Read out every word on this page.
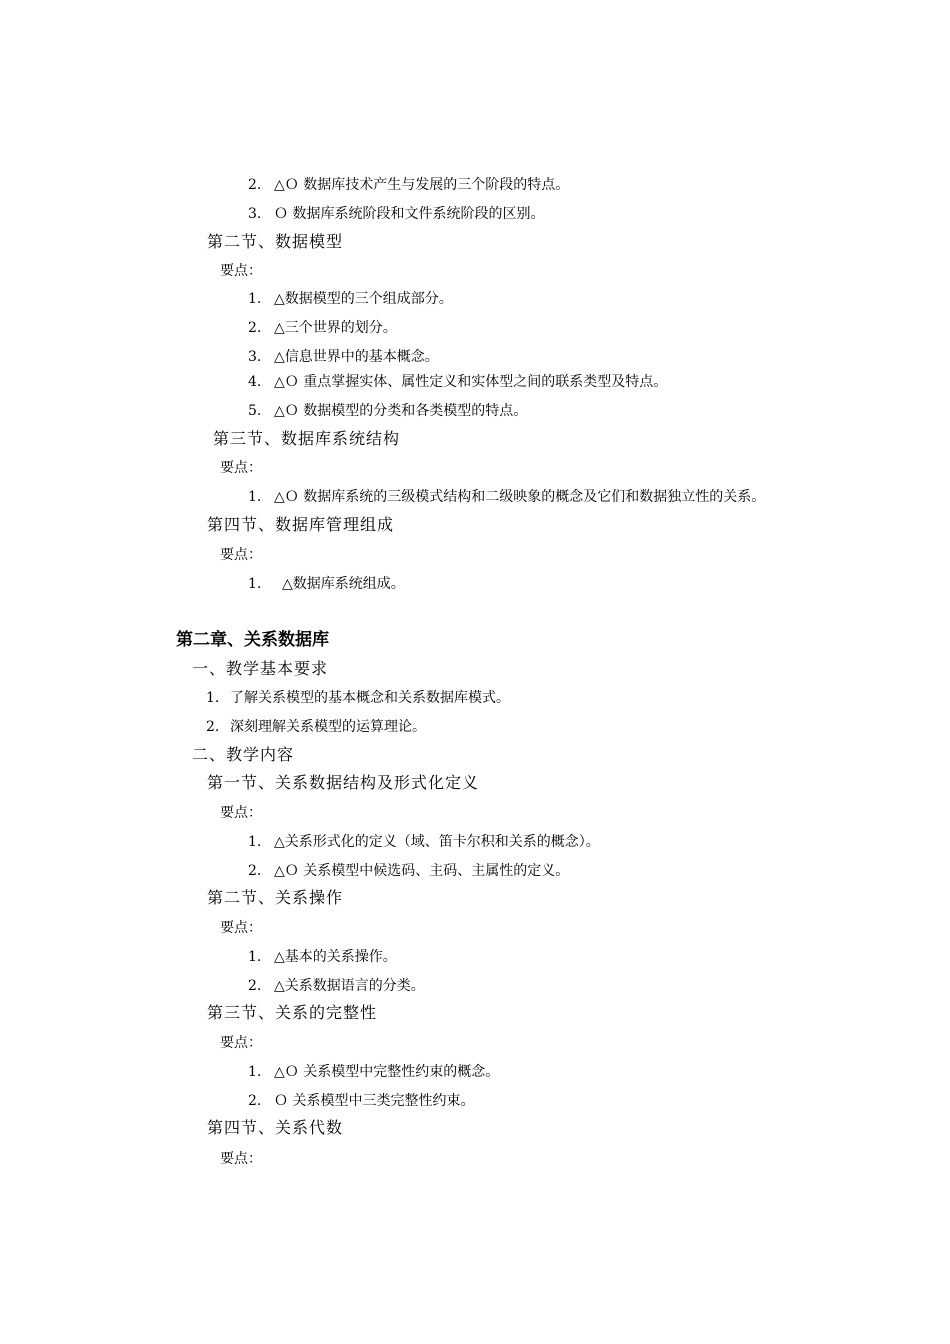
2. △Ｏ 数据库技术产生与发展的三个阶段的特点。
3. Ｏ 数据库系统阶段和文件系统阶段的区别。
第二节、数据模型
要点：
1. △数据模型的三个组成部分。
2. △三个世界的划分。
3. △信息世界中的基本概念。
4. △Ｏ 重点掌握实体、属性定义和实体型之间的联系类型及特点。
5. △Ｏ 数据模型的分类和各类模型的特点。
第三节、数据库系统结构
要点：
1. △Ｏ 数据库系统的三级模式结构和二级映象的概念及它们和数据独立性的关系。
第四节、数据库管理组成
要点：
1. △数据库系统组成。
第二章、关系数据库
一、教学基本要求
1. 了解关系模型的基本概念和关系数据库模式。
2. 深刻理解关系模型的运算理论。
二、教学内容
第一节、关系数据结构及形式化定义
要点：
1. △关系形式化的定义（域、笛卡尔积和关系的概念）。
2. △Ｏ 关系模型中候选码、主码、主属性的定义。
第二节、关系操作
要点：
1. △基本的关系操作。
2. △关系数据语言的分类。
第三节、关系的完整性
要点：
1. △Ｏ 关系模型中完整性约束的概念。
2. Ｏ 关系模型中三类完整性约束。
第四节、关系代数
要点：
